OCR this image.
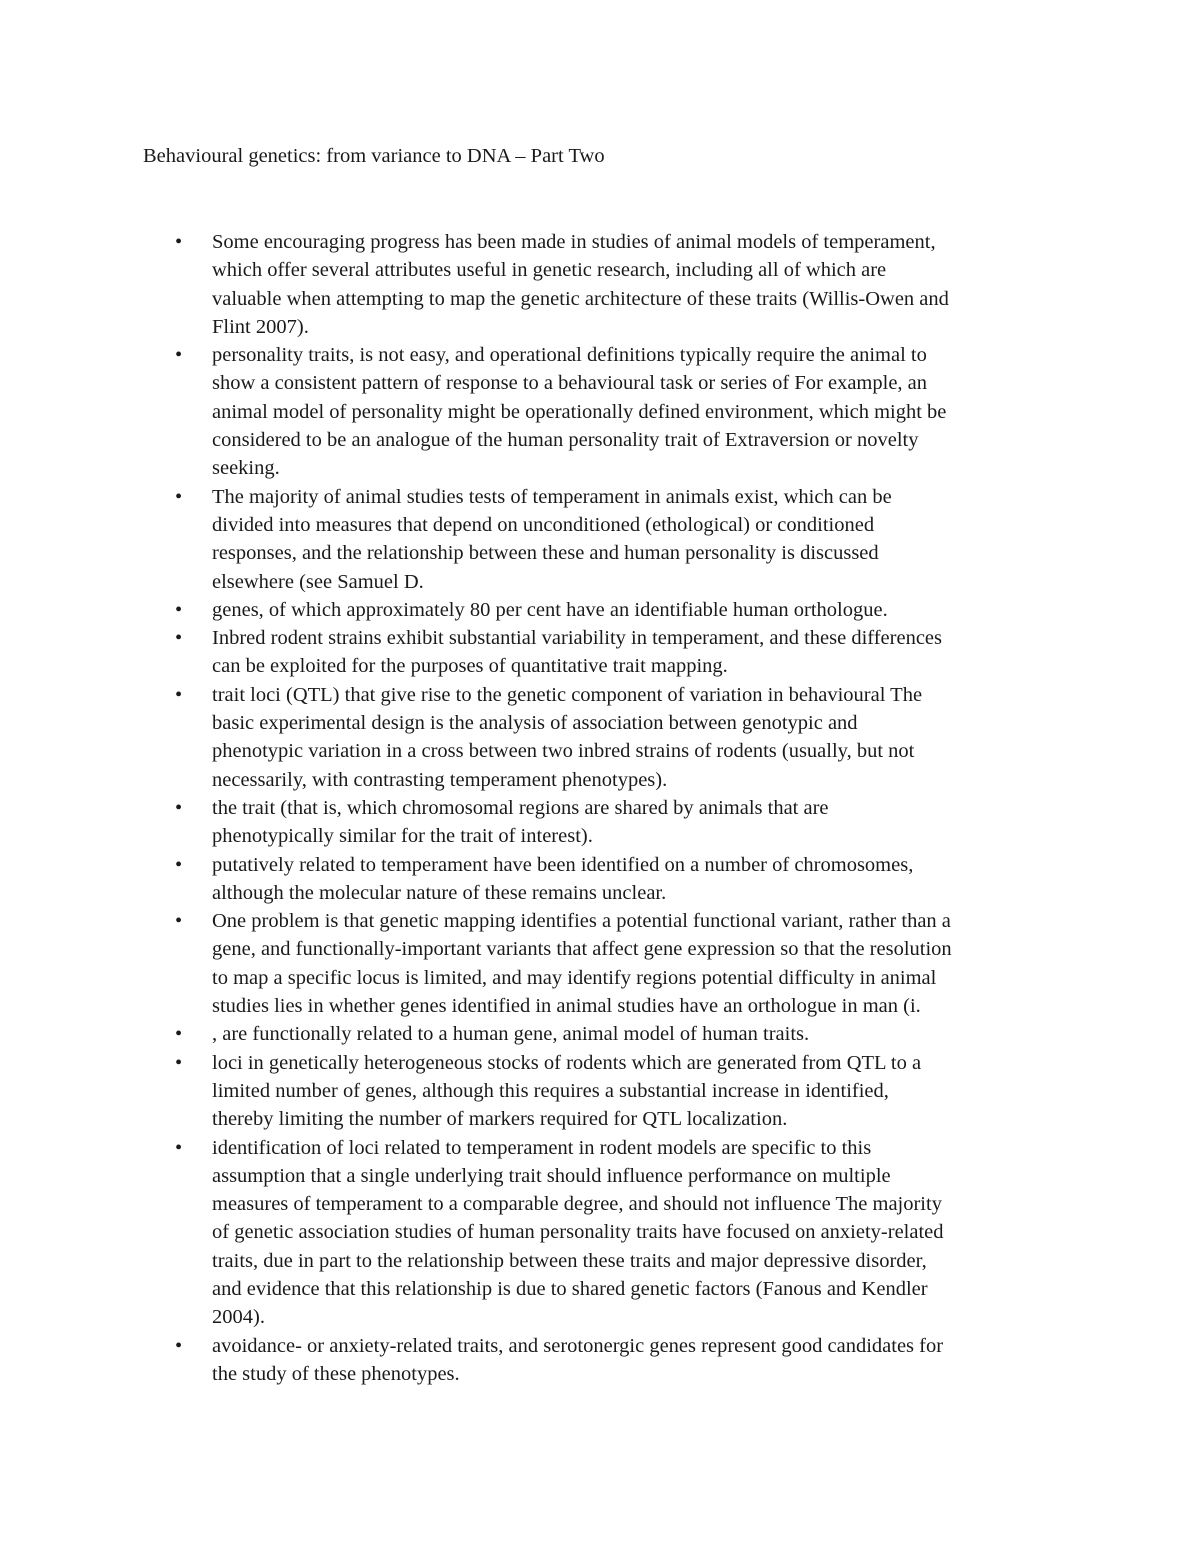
Behavioural genetics: from variance to DNA – Part Two
• Some encouraging progress has been made in studies of animal models of temperament,
which offer several attributes useful in genetic research, including all of which are
valuable when attempting to map the genetic architecture of these traits (Willis-Owen and
Flint 2007).
• personality traits, is not easy, and operational definitions typically require the animal to
show a consistent pattern of response to a behavioural task or series of For example, an
animal model of personality might be operationally defined environment, which might be
considered to be an analogue of the human personality trait of Extraversion or novelty
seeking.
• The majority of animal studies tests of temperament in animals exist, which can be
divided into measures that depend on unconditioned (ethological) or conditioned
responses, and the relationship between these and human personality is discussed
elsewhere (see Samuel D.
• genes, of which approximately 80 per cent have an identifiable human orthologue.
• Inbred rodent strains exhibit substantial variability in temperament, and these differences
can be exploited for the purposes of quantitative trait mapping.
• trait loci (QTL) that give rise to the genetic component of variation in behavioural The
basic experimental design is the analysis of association between genotypic and
phenotypic variation in a cross between two inbred strains of rodents (usually, but not
necessarily, with contrasting temperament phenotypes).
• the trait (that is, which chromosomal regions are shared by animals that are
phenotypically similar for the trait of interest).
• putatively related to temperament have been identified on a number of chromosomes,
although the molecular nature of these remains unclear.
• One problem is that genetic mapping identifies a potential functional variant, rather than a
gene, and functionally-important variants that affect gene expression so that the resolution
to map a specific locus is limited, and may identify regions potential difficulty in animal
studies lies in whether genes identified in animal studies have an orthologue in man (i.
• , are functionally related to a human gene, animal model of human traits.
• loci in genetically heterogeneous stocks of rodents which are generated from QTL to a
limited number of genes, although this requires a substantial increase in identified,
thereby limiting the number of markers required for QTL localization.
• identification of loci related to temperament in rodent models are specific to this
assumption that a single underlying trait should influence performance on multiple
measures of temperament to a comparable degree, and should not influence The majority
of genetic association studies of human personality traits have focused on anxiety-related
traits, due in part to the relationship between these traits and major depressive disorder,
and evidence that this relationship is due to shared genetic factors (Fanous and Kendler
2004).
• avoidance- or anxiety-related traits, and serotonergic genes represent good candidates for
the study of these phenotypes.
